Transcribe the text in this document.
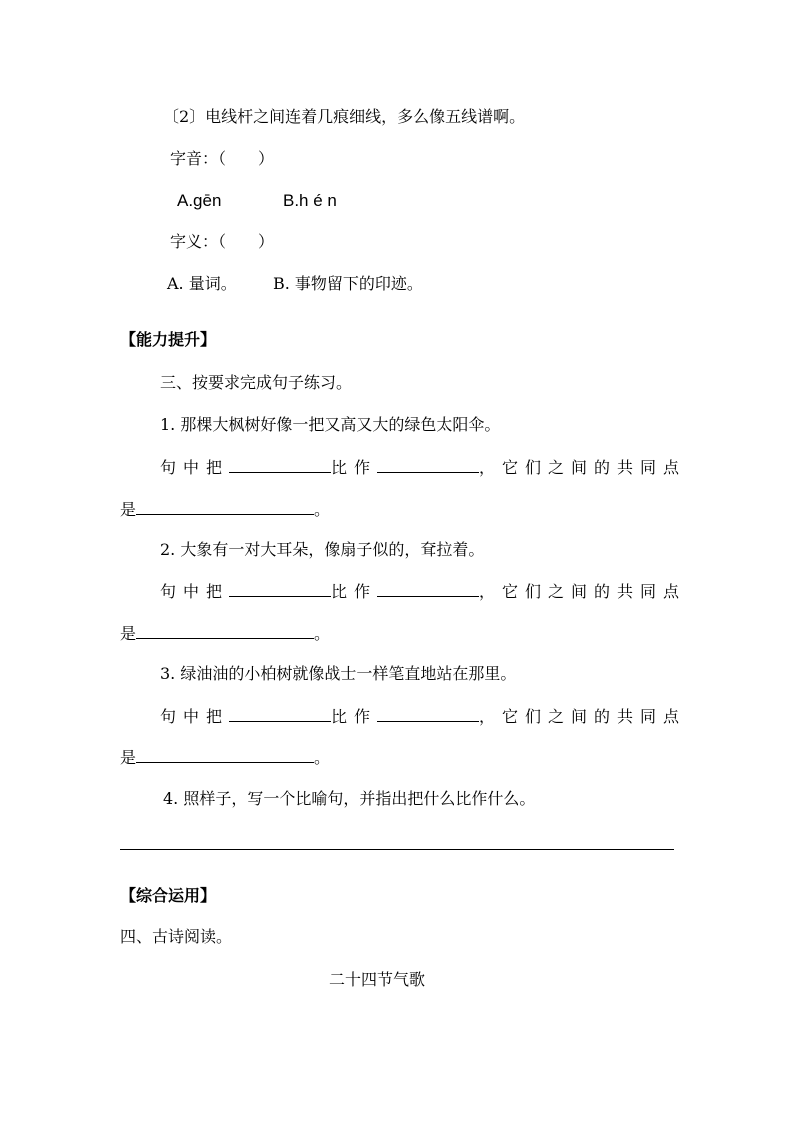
〔2〕电线杆之间连着几痕细线，多么像五线谱啊。
字音：（　　）
A.gēn	B.h é n
字义：（　　）
A. 量词。 B. 事物留下的印迹。
【能力提升】
三、按要求完成句子练习。
1. 那棵大枫树好像一把又高又大的绿色太阳伞。
句中把	比作	，它们之间的共同点
是	。
2. 大象有一对大耳朵，像扇子似的，耷拉着。
句中把	比作	，它们之间的共同点
是	。
3. 绿油油的小柏树就像战士一样笔直地站在那里。
句中把	比作	，它们之间的共同点
是	。
4. 照样子，写一个比喻句，并指出把什么比作什么。
【综合运用】
四、古诗阅读。
二十四节气歌
